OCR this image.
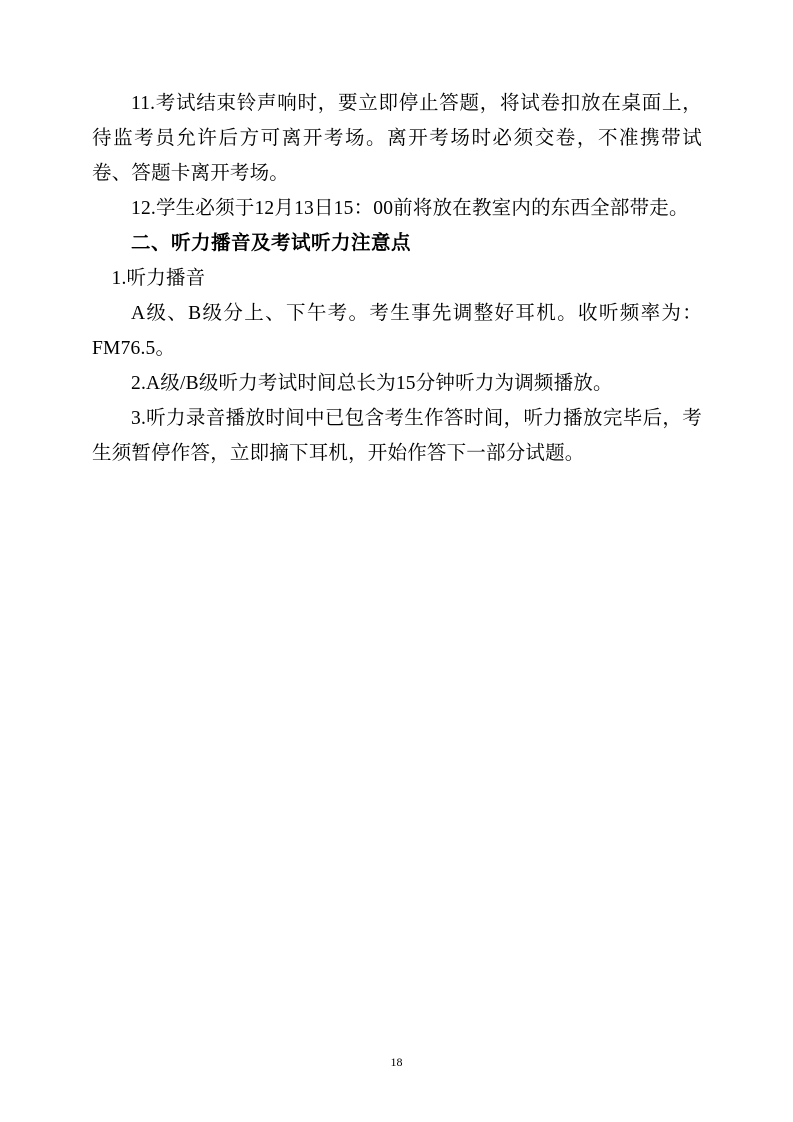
11.考试结束铃声响时，要立即停止答题，将试卷扣放在桌面上，待监考员允许后方可离开考场。离开考场时必须交卷，不准携带试卷、答题卡离开考场。

12.学生必须于12月13日15：00前将放在教室内的东西全部带走。

二、听力播音及考试听力注意点

1.听力播音

A级、B级分上、下午考。考生事先调整好耳机。收听频率为：FM76.5。

2.A级/B级听力考试时间总长为15分钟听力为调频播放。

3.听力录音播放时间中已包含考生作答时间，听力播放完毕后，考生须暂停作答，立即摘下耳机，开始作答下一部分试题。

18
